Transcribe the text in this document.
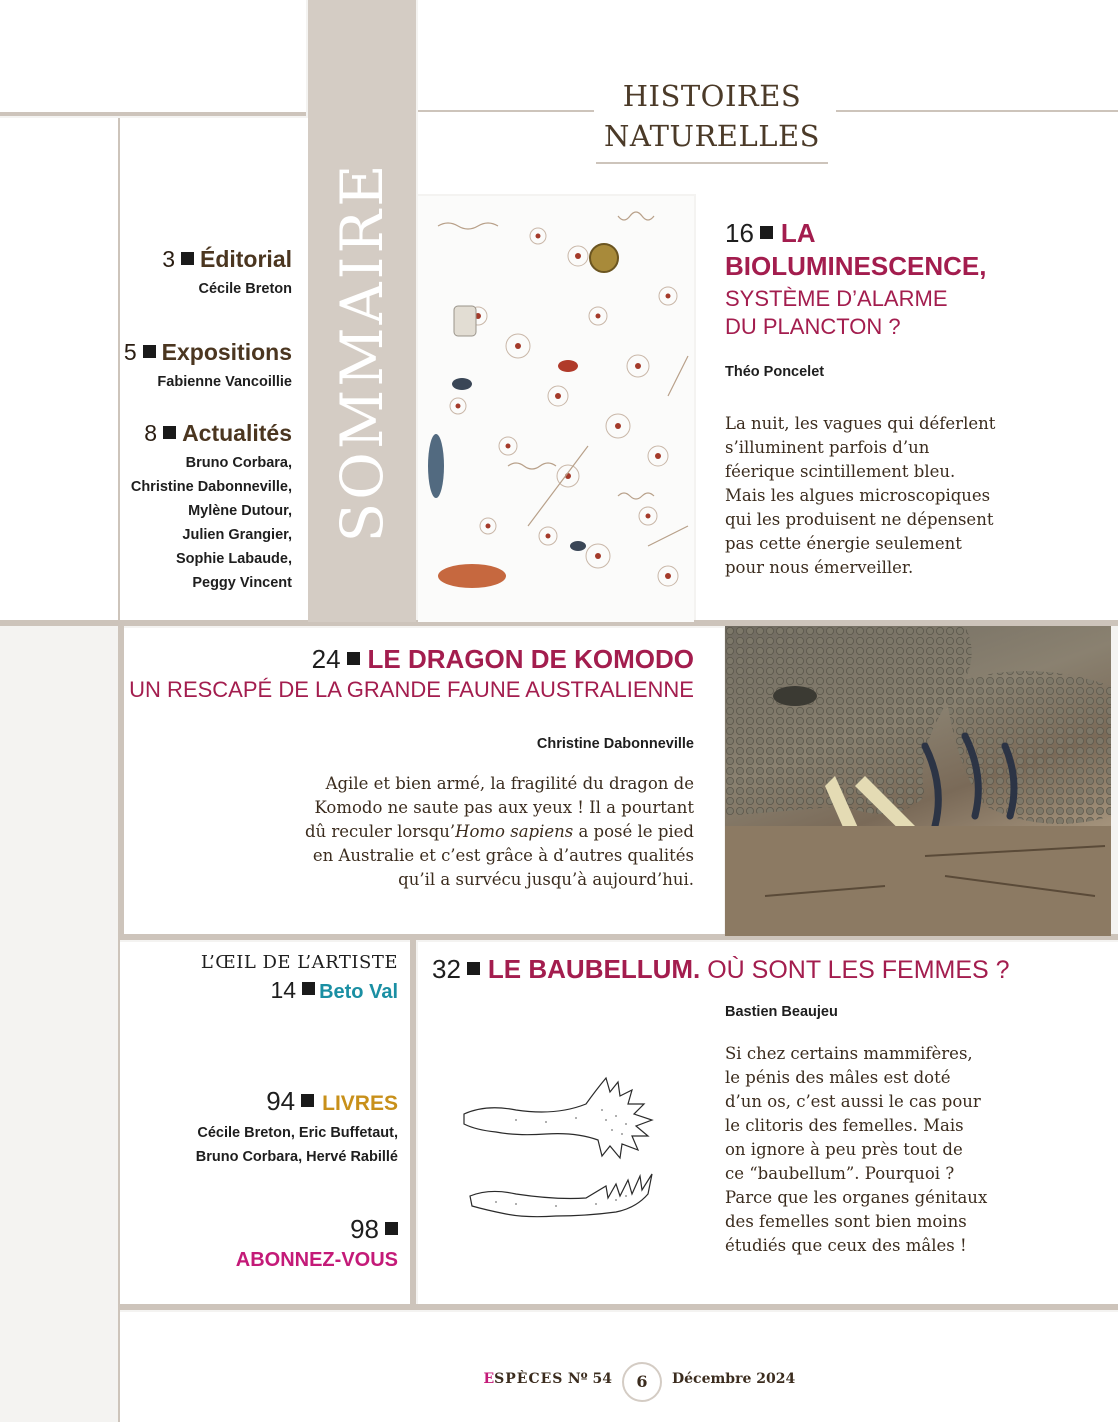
SOMMAIRE
HISTOIRES
NATURELLES
3 Éditorial
Cécile Breton
5 Expositions
Fabienne Vancoillie
8 Actualités
Bruno Corbara,
Christine Dabonneville,
Mylène Dutour,
Julien Grangier,
Sophie Labaude,
Peggy Vincent
16 LA
BIOLUMINESCENCE,
SYSTÈME D’ALARME
DU PLANCTON ?
Théo Poncelet
La nuit, les vagues qui déferlent
s’illuminent parfois d’un
féerique scintillement bleu.
Mais les algues microscopiques
qui les produisent ne dépensent
pas cette énergie seulement
pour nous émerveiller.
24 LE DRAGON DE KOMODO
UN RESCAPÉ DE LA GRANDE FAUNE AUSTRALIENNE
Christine Dabonneville
Agile et bien armé, la fragilité du dragon de
Komodo ne saute pas aux yeux ! Il a pourtant
dû reculer lorsqu’Homo sapiens a posé le pied
en Australie et c’est grâce à d’autres qualités
qu’il a survécu jusqu’à aujourd’hui.
L’ŒIL DE L’ARTISTE
14 Beto Val
94 LIVRES
Cécile Breton, Eric Buffetaut,
Bruno Corbara, Hervé Rabillé
98
ABONNEZ-VOUS
32 LE BAUBELLUM. OÙ SONT LES FEMMES ?
Bastien Beaujeu
Si chez certains mammifères,
le pénis des mâles est doté
d’un os, c’est aussi le cas pour
le clitoris des femelles. Mais
on ignore à peu près tout de
ce “baubellum”. Pourquoi ?
Parce que les organes génitaux
des femelles sont bien moins
étudiés que ceux des mâles !
ESPÈCES Nº 54	6	Décembre 2024
